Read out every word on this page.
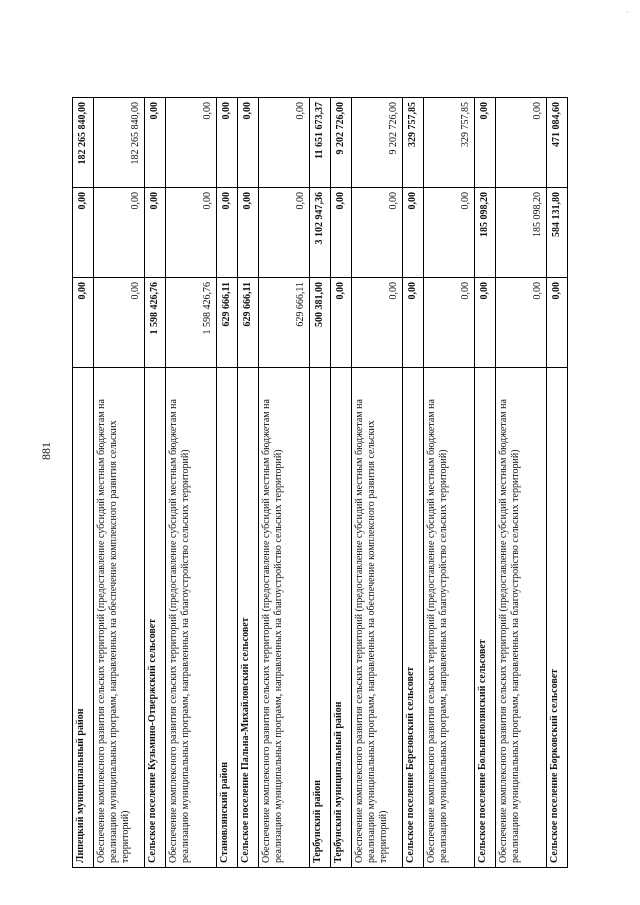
881
·
Липецкий муниципальный район	0,00	0,00	182 265 840,00
Обеспечение комплексного развития сельских территорий (предоставление субсидий местным бюджетам на реализацию муниципальных программ, направленных на обеспечение комплексного развития сельских территорий)	0,00	0,00	182 265 840,00
Сельское поселение Кузьмино-Отвержский сельсовет	1 598 426,76	0,00	0,00
Обеспечение комплексного развития сельских территорий (предоставление субсидий местным бюджетам на реализацию муниципальных программ, направленных на благоустройство сельских территорий)	1 598 426,76	0,00	0,00
Становлянский район	629 666,11	0,00	0,00
Сельское поселение Пальна-Михайловский сельсовет	629 666,11	0,00	0,00
Обеспечение комплексного развития сельских территорий (предоставление субсидий местным бюджетам на реализацию муниципальных программ, направленных на благоустройство сельских территорий)	629 666,11	0,00	0,00
Тербунский район	500 381,00	3 102 947,36	11 651 673,37
Тербунский муниципальный район	0,00	0,00	9 202 726,00
Обеспечение комплексного развития сельских территорий (предоставление субсидий местным бюджетам на реализацию муниципальных программ, направленных на обеспечение комплексного развития сельских территорий)	0,00	0,00	9 202 726,00
Сельское поселение Березовский сельсовет	0,00	0,00	329 757,85
Обеспечение комплексного развития сельских территорий (предоставление субсидий местным бюджетам на реализацию муниципальных программ, направленных на благоустройство сельских территорий)	0,00	0,00	329 757,85
Сельское поселение Большеполянский сельсовет	0,00	185 098,20	0,00
Обеспечение комплексного развития сельских территорий (предоставление субсидий местным бюджетам на реализацию муниципальных программ, направленных на благоустройство сельских территорий)	0,00	185 098,20	0,00
Сельское поселение Борковский сельсовет	0,00	584 131,80	471 084,60
